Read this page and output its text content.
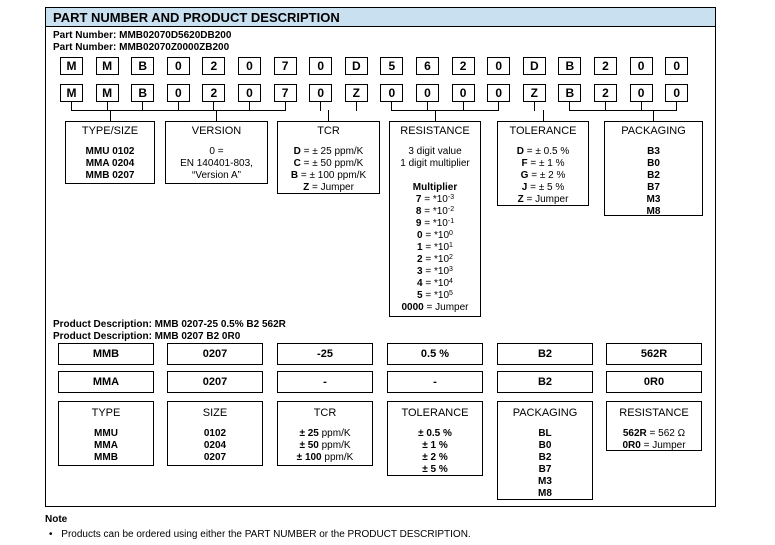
PART NUMBER AND PRODUCT DESCRIPTION
Part Number: MMB02070D5620DB200
Part Number: MMB02070Z0000ZB200
M	M	B	0	2	0	7	0	D	5	6	2	0	D	B	2	0	0
M	M	B	0	2	0	7	0	Z	0	0	0	0	Z	B	2	0	0
TYPE/SIZE
MMU 0102
MMA 0204
MMB 0207
VERSION
0 =
EN 140401-803,
“Version A”
TCR
D = ± 25 ppm/K
C = ± 50 ppm/K
B = ± 100 ppm/K
Z = Jumper
RESISTANCE
3 digit value
1 digit multiplier
Multiplier
$7 = *10^{-3}$
$8 = *10^{-2}$
$9 = *10^{-1}$
$0 = *10^0$
$1 = *10^1$
$2 = *10^2$
$3 = *10^3$
$4 = *10^4$
$5 = *10^5$
0000 = Jumper
TOLERANCE
D = ± 0.5 %
F = ± 1 %
G = ± 2 %
J = ± 5 %
Z = Jumper
PACKAGING
B3
B0
B2
B7
M3
M8
Product Description: MMB 0207-25 0.5% B2 562R
Product Description: MMB 0207 B2 0R0
MMB	0207	-25	0.5 %	B2	562R
MMA	0207	-	-	B2	0R0
TYPE
MMU
MMA
MMB
SIZE
0102
0204
0207
TCR
± 25 ppm/K
± 50 ppm/K
± 100 ppm/K
TOLERANCE
± 0.5 %
± 1 %
± 2 %
± 5 %
PACKAGING
BL
B0
B2
B7
M3
M8
RESISTANCE
562R = 562 Ω
0R0 = Jumper
Note
• Products can be ordered using either the PART NUMBER or the PRODUCT DESCRIPTION.
